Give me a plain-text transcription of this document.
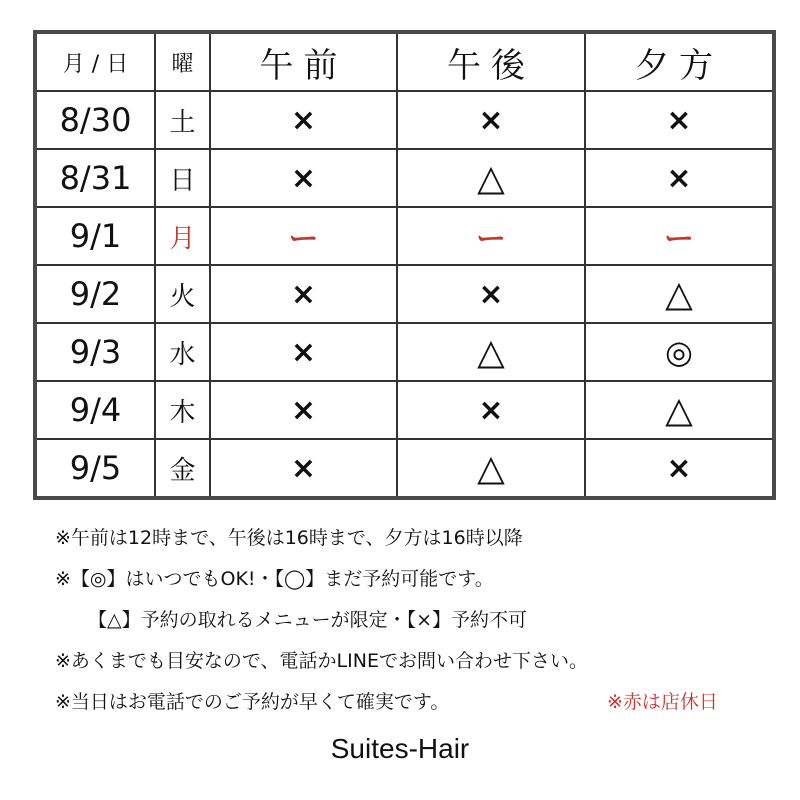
月 / 日	曜	午前	午後	夕方
8/30	土	×	×	×
8/31	日	×	△	×
9/1	月	ー	ー	ー
9/2	火	×	×	△
9/3	水	×	△	◎
9/4	木	×	×	△
9/5	金	×	△	×
※午前は12時まで、午後は16時まで、夕方は16時以降
※【◎】はいつでもOK!・【◯】まだ予約可能です。
【△】予約の取れるメニューが限定・【×】予約不可
※あくまでも目安なので、電話かLINEでお問い合わせ下さい。
※当日はお電話でのご予約が早くて確実です。	※赤は店休日
Suites-Hair
